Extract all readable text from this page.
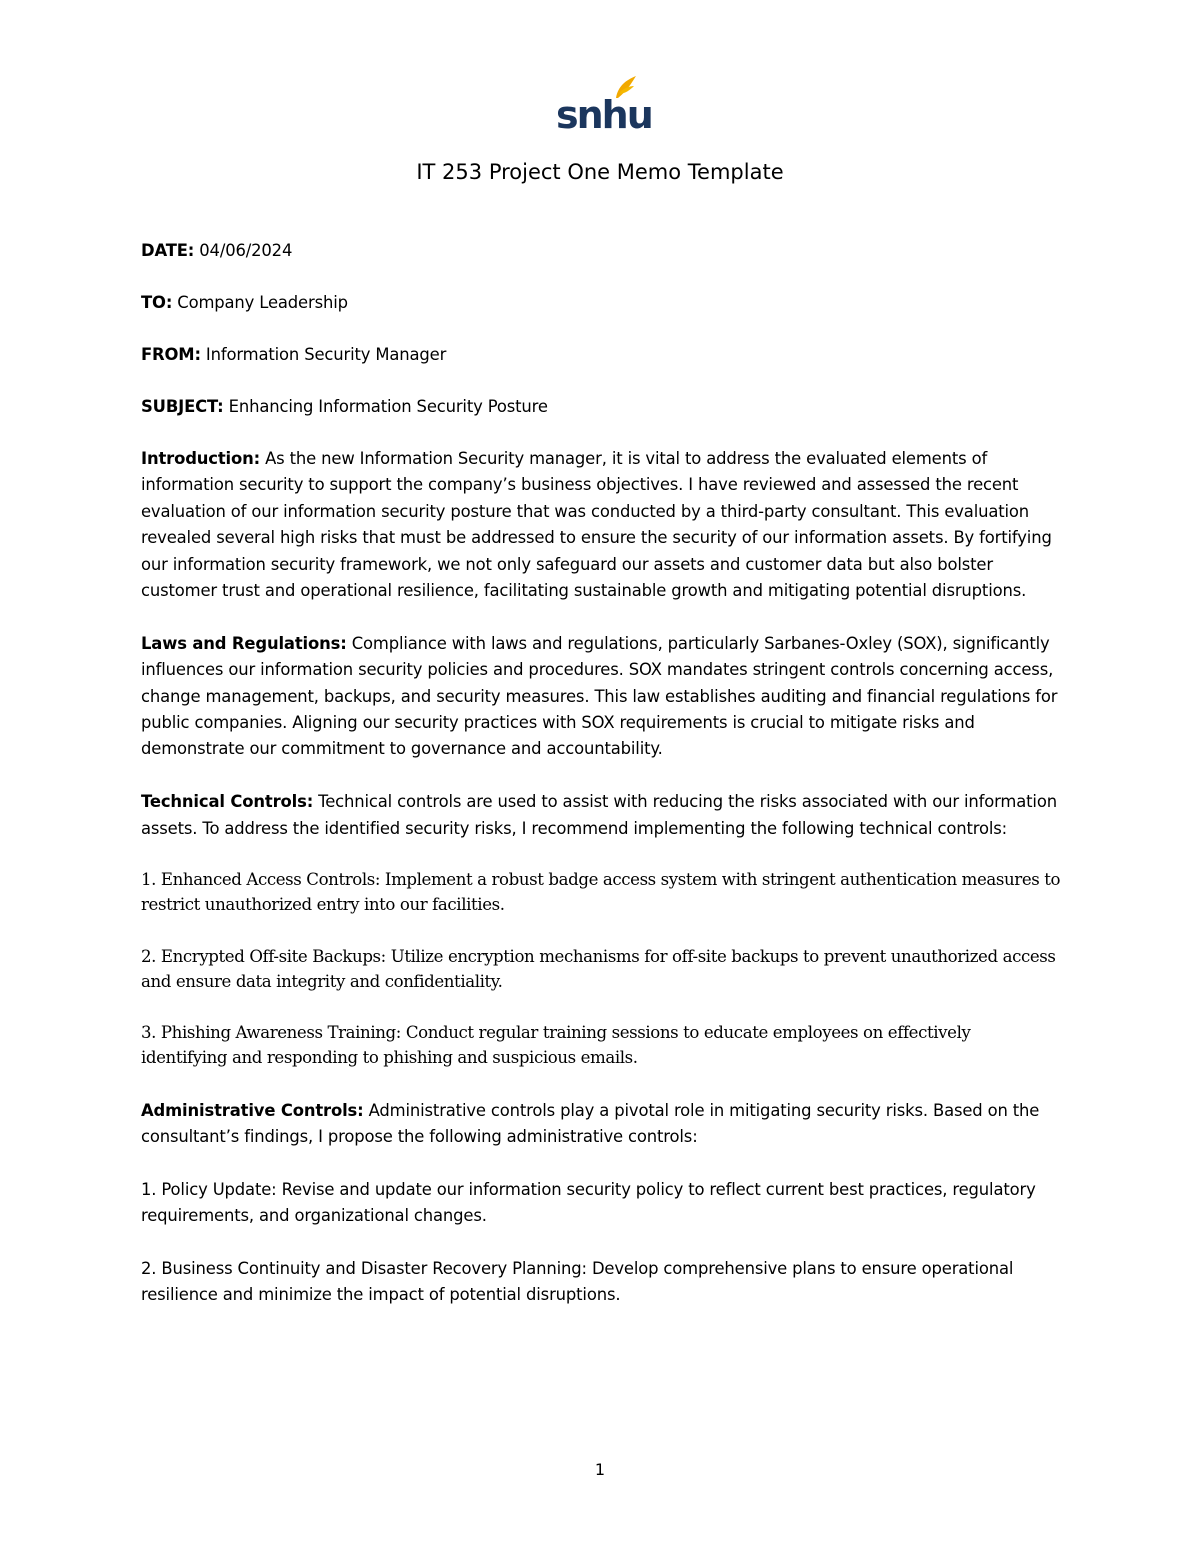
snhu
IT 253 Project One Memo Template
DATE: 04/06/2024
TO: Company Leadership
FROM: Information Security Manager
SUBJECT: Enhancing Information Security Posture

Introduction: As the new Information Security manager, it is vital to address the evaluated elements of information security to support the company’s business objectives. I have reviewed and assessed the recent evaluation of our information security posture that was conducted by a third-party consultant. This evaluation revealed several high risks that must be addressed to ensure the security of our information assets. By fortifying our information security framework, we not only safeguard our assets and customer data but also bolster customer trust and operational resilience, facilitating sustainable growth and mitigating potential disruptions.

Laws and Regulations: Compliance with laws and regulations, particularly Sarbanes-Oxley (SOX), significantly influences our information security policies and procedures. SOX mandates stringent controls concerning access, change management, backups, and security measures. This law establishes auditing and financial regulations for public companies. Aligning our security practices with SOX requirements is crucial to mitigate risks and demonstrate our commitment to governance and accountability.

Technical Controls: Technical controls are used to assist with reducing the risks associated with our information assets. To address the identified security risks, I recommend implementing the following technical controls:

1. Enhanced Access Controls: Implement a robust badge access system with stringent authentication measures to restrict unauthorized entry into our facilities.
2. Encrypted Off-site Backups: Utilize encryption mechanisms for off-site backups to prevent unauthorized access and ensure data integrity and confidentiality.
3. Phishing Awareness Training: Conduct regular training sessions to educate employees on effectively identifying and responding to phishing and suspicious emails.

Administrative Controls: Administrative controls play a pivotal role in mitigating security risks. Based on the consultant’s findings, I propose the following administrative controls:

1. Policy Update: Revise and update our information security policy to reflect current best practices, regulatory requirements, and organizational changes.

2. Business Continuity and Disaster Recovery Planning: Develop comprehensive plans to ensure operational resilience and minimize the impact of potential disruptions.

1
